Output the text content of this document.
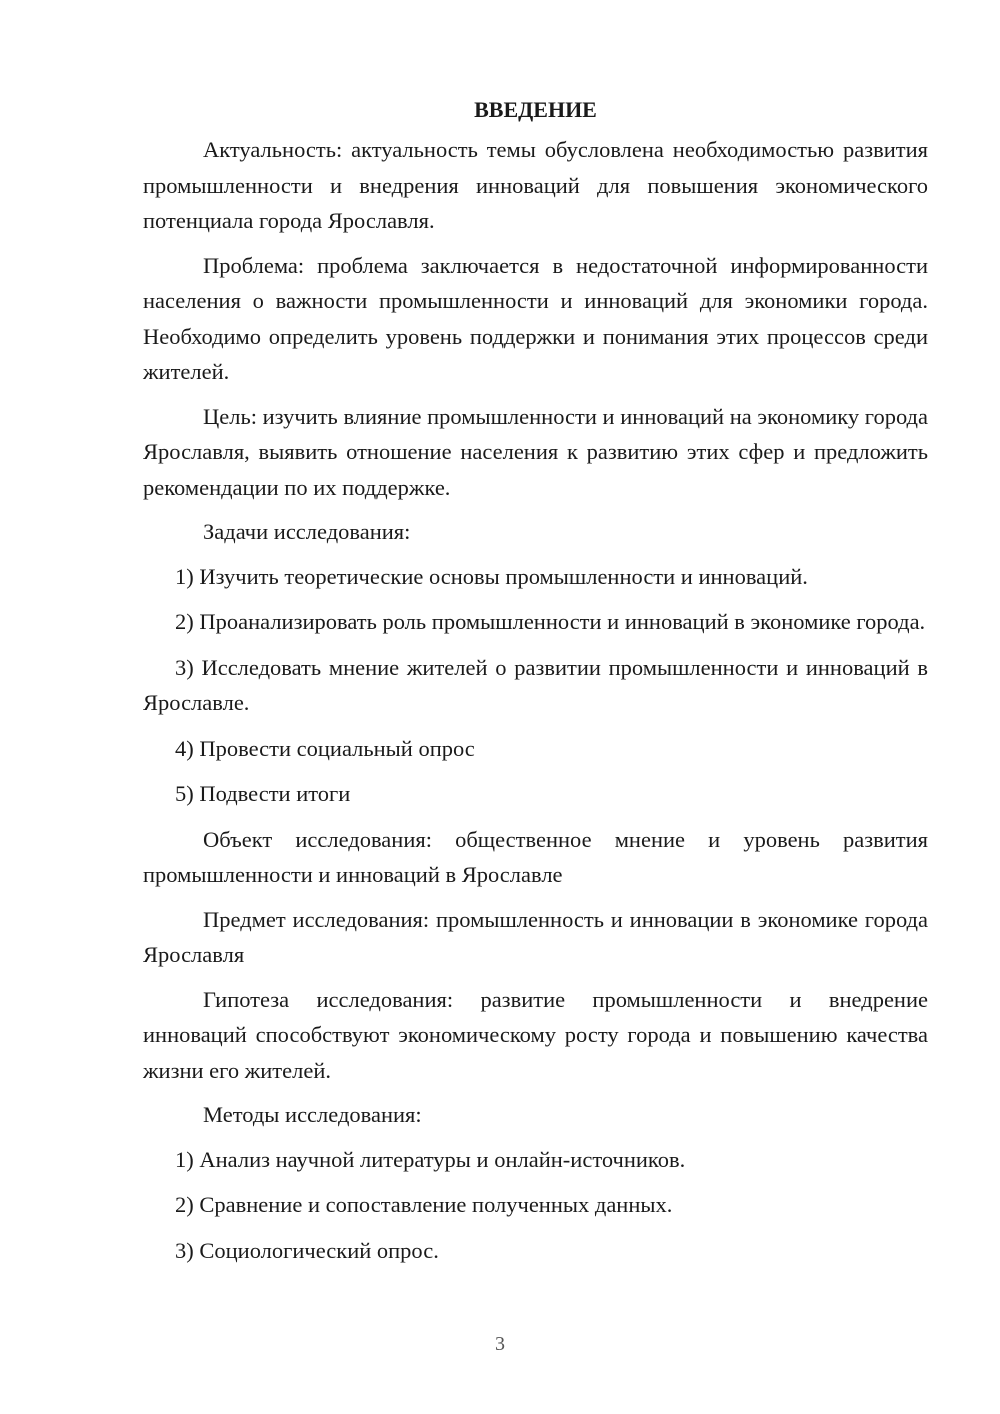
ВВЕДЕНИЕ

Актуальность: актуальность темы обусловлена необходимостью развития промышленности и внедрения инноваций для повышения экономического потенциала города Ярославля.

Проблема: проблема заключается в недостаточной информированности населения о важности промышленности и инноваций для экономики города. Необходимо определить уровень поддержки и понимания этих процессов среди жителей.

Цель: изучить влияние промышленности и инноваций на экономику города Ярославля, выявить отношение населения к развитию этих сфер и предложить рекомендации по их поддержке.

Задачи исследования:

1) Изучить теоретические основы промышленности и инноваций.

2) Проанализировать роль промышленности и инноваций в экономике города.

3) Исследовать мнение жителей о развитии промышленности и инноваций в Ярославле.

4) Провести социальный опрос

5) Подвести итоги

Объект исследования: общественное мнение и уровень развития промышленности и инноваций в Ярославле

Предмет исследования: промышленность и инновации в экономике города Ярославля

Гипотеза исследования: развитие промышленности и внедрение инноваций способствуют экономическому росту города и повышению качества жизни его жителей.

Методы исследования:

1) Анализ научной литературы и онлайн-источников.

2) Сравнение и сопоставление полученных данных.

3) Социологический опрос.

3
